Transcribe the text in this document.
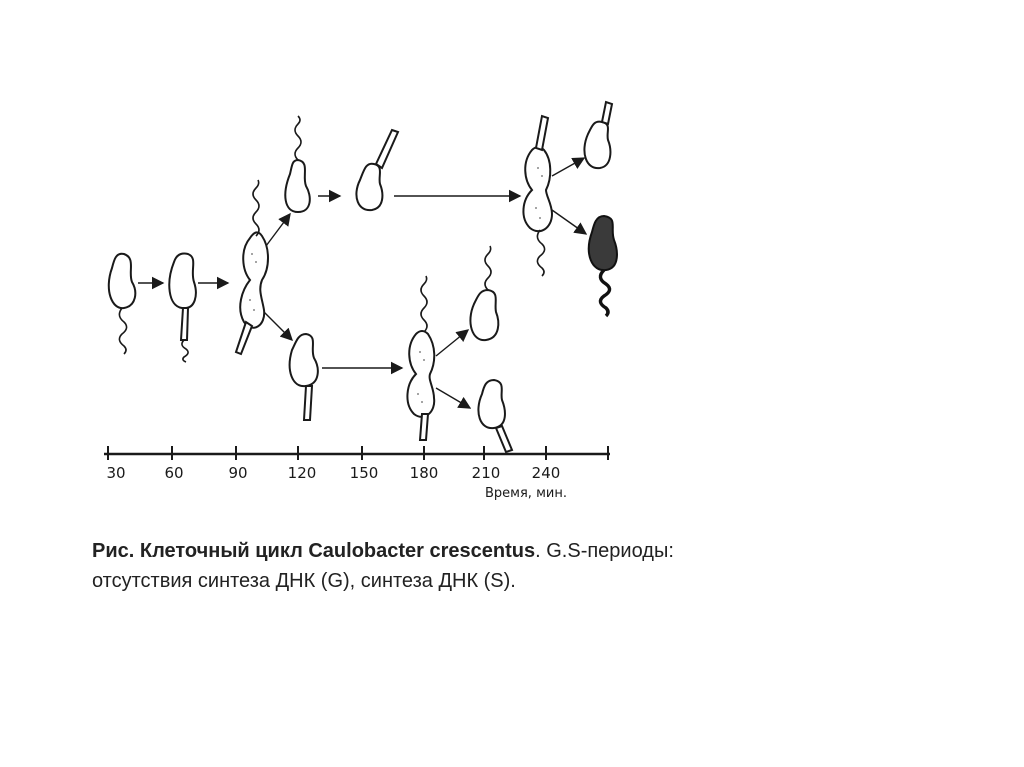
30	60	90	120 150 180 210 240
Время, мин.
Рис. Клеточный цикл Caulobacter crescentus. G.S-периоды: отсутствия синтеза ДНК (G), синтеза ДНК (S).
